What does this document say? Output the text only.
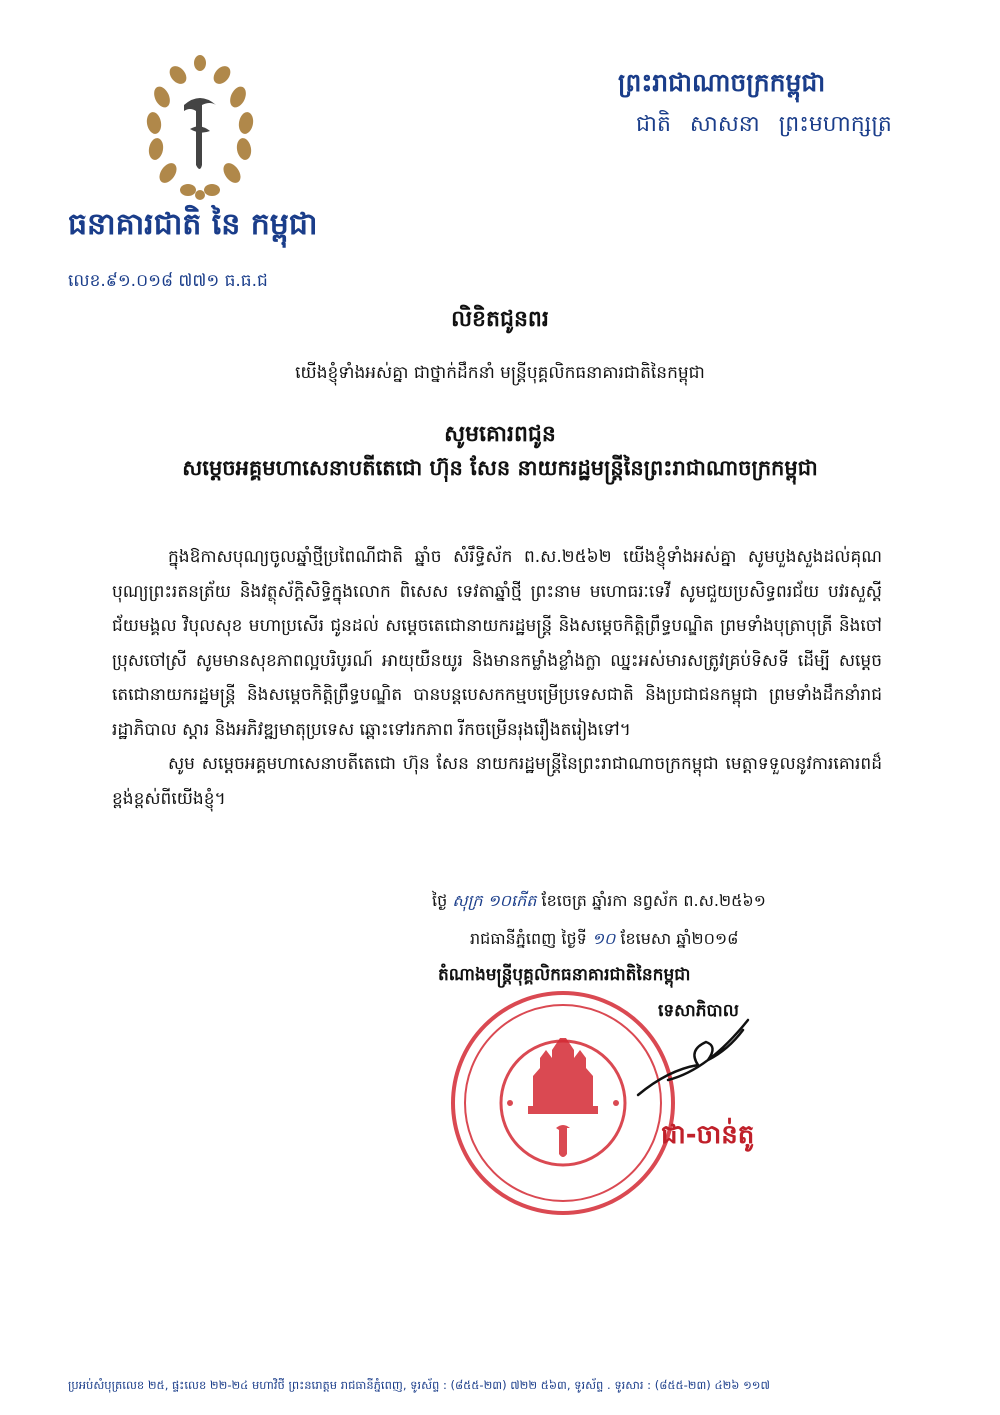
ធនាគារជាតិ នៃ កម្ពុជា
លេខ.៩១.០១៨ ៧៧១ ធ.ធ.ជ
ព្រះរាជាណាចក្រកម្ពុជា
ជាតិ សាសនា ព្រះមហាក្សត្រ
លិខិតជូនពរ
យើងខ្ញុំទាំងអស់គ្នា ជាថ្នាក់ដឹកនាំ មន្ត្រីបុគ្គលិកធនាគារជាតិនៃកម្ពុជា
សូមគោរពជូន
សម្តេចអគ្គមហាសេនាបតីតេជោ ហ៊ុន សែន នាយករដ្ឋមន្ត្រីនៃព្រះរាជាណាចក្រកម្ពុជា

ក្នុងឱកាសបុណ្យចូលឆ្នាំថ្មីប្រពៃណីជាតិ ឆ្នាំច សំរឹទ្ធិស័ក ព.ស.២៥៦២ យើងខ្ញុំទាំងអស់គ្នា សូមបួងសួងដល់គុណបុណ្យព្រះរតនត្រ័យ និងវត្ថុស័ក្តិសិទ្ធិក្នុងលោក ពិសេស ទេវតាឆ្នាំថ្មី ព្រះនាម មហោធរៈទេវី សូមជួយប្រសិទ្ធពរជ័យ បវរសួស្តី ជ័យមង្គល វិបុលសុខ មហាប្រសើរ ជូនដល់ សម្តេចតេជោនាយករដ្ឋមន្ត្រី និងសម្តេចកិត្តិព្រឹទ្ធបណ្ឌិត ព្រមទាំងបុត្រាបុត្រី និងចៅប្រុសចៅស្រី សូមមានសុខភាពល្អបរិបូរណ៍ អាយុយឺនយូរ និងមានកម្លាំងខ្លាំងក្លា ឈ្នះអស់មារសត្រូវគ្រប់ទិសទី ដើម្បី សម្តេចតេជោនាយករដ្ឋមន្ត្រី និងសម្តេចកិត្តិព្រឹទ្ធបណ្ឌិត បានបន្តបេសកកម្មបម្រើប្រទេសជាតិ និងប្រជាជនកម្ពុជា ព្រមទាំងដឹកនាំរាជរដ្ឋាភិបាល ស្តារ និងអភិវឌ្ឍមាតុប្រទេស ឆ្ពោះទៅរកភាព រីកចម្រើនរុងរឿងតរៀងទៅ។

សូម សម្តេចអគ្គមហាសេនាបតីតេជោ ហ៊ុន សែន នាយករដ្ឋមន្ត្រីនៃព្រះរាជាណាចក្រកម្ពុជា មេត្តាទទួលនូវការគោរពដ៏ខ្ពង់ខ្ពស់ពីយើងខ្ញុំ។

ថ្ងៃ សុក្រ ១០កើត ខែចេត្រ ឆ្នាំរកា នព្វស័ក ព.ស.២៥៦១
រាជធានីភ្នំពេញ ថ្ងៃទី ១០ ខែមេសា ឆ្នាំ២០១៨
តំណាងមន្ត្រីបុគ្គលិកធនាគារជាតិនៃកម្ពុជា
ទេសាភិបាល
ជា-ចាន់តូ
ប្រអប់សំបុត្រលេខ ២៥, ផ្ទះលេខ ២២-២៤ មហាវិថី ព្រះនរោត្តម រាជធានីភ្នំពេញ, ទូរស័ព្ទ : (៨៥៥-២៣) ៧២២ ៥៦៣, ទូរស័ព្ទ . ទូរសារ : (៨៥៥-២៣) ៤២៦ ១១៧
